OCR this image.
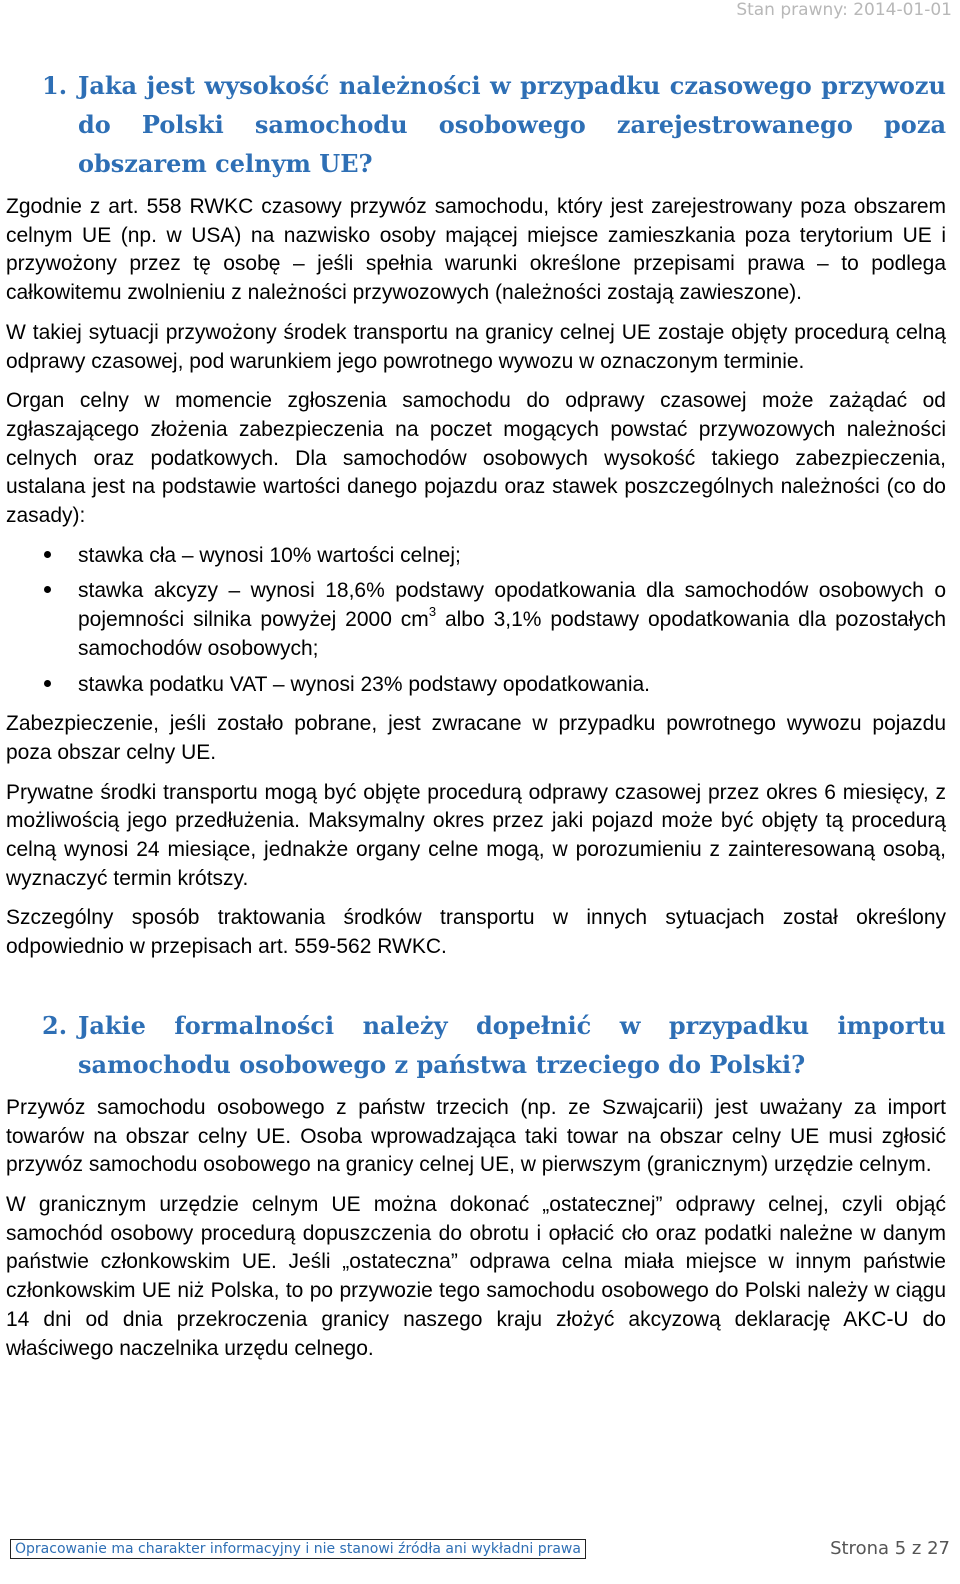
Stan prawny: 2014-01-01
1. Jaka jest wysokość należności w przypadku czasowego przywozu do Polski samochodu osobowego zarejestrowanego poza obszarem celnym UE?

Zgodnie z art. 558 RWKC czasowy przywóz samochodu, który jest zarejestrowany poza obszarem celnym UE (np. w USA) na nazwisko osoby mającej miejsce zamieszkania poza terytorium UE i przywożony przez tę osobę – jeśli spełnia warunki określone przepisami prawa – to podlega całkowitemu zwolnieniu z należności przywozowych (należności zostają zawieszone).

W takiej sytuacji przywożony środek transportu na granicy celnej UE zostaje objęty procedurą celną odprawy czasowej, pod warunkiem jego powrotnego wywozu w oznaczonym terminie.

Organ celny w momencie zgłoszenia samochodu do odprawy czasowej może zażądać od zgłaszającego złożenia zabezpieczenia na poczet mogących powstać przywozowych należności celnych oraz podatkowych. Dla samochodów osobowych wysokość takiego zabezpieczenia, ustalana jest na podstawie wartości danego pojazdu oraz stawek poszczególnych należności (co do zasady):

stawka cła – wynosi 10% wartości celnej;
stawka akcyzy – wynosi 18,6% podstawy opodatkowania dla samochodów osobowych o pojemności silnika powyżej 2000 $cm^3$ albo 3,1% podstawy opodatkowania dla pozostałych samochodów osobowych;
stawka podatku VAT – wynosi 23% podstawy opodatkowania.

Zabezpieczenie, jeśli zostało pobrane, jest zwracane w przypadku powrotnego wywozu pojazdu poza obszar celny UE.

Prywatne środki transportu mogą być objęte procedurą odprawy czasowej przez okres 6 miesięcy, z możliwością jego przedłużenia. Maksymalny okres przez jaki pojazd może być objęty tą procedurą celną wynosi 24 miesiące, jednakże organy celne mogą, w porozumieniu z zainteresowaną osobą, wyznaczyć termin krótszy.

Szczególny sposób traktowania środków transportu w innych sytuacjach został określony odpowiednio w przepisach art. 559-562 RWKC.

2. Jakie formalności należy dopełnić w przypadku importu samochodu osobowego z państwa trzeciego do Polski?

Przywóz samochodu osobowego z państw trzecich (np. ze Szwajcarii) jest uważany za import towarów na obszar celny UE. Osoba wprowadzająca taki towar na obszar celny UE musi zgłosić przywóz samochodu osobowego na granicy celnej UE, w pierwszym (granicznym) urzędzie celnym.

W granicznym urzędzie celnym UE można dokonać „ostatecznej” odprawy celnej, czyli objąć samochód osobowy procedurą dopuszczenia do obrotu i opłacić cło oraz podatki należne w danym państwie członkowskim UE. Jeśli „ostateczna” odprawa celna miała miejsce w innym państwie członkowskim UE niż Polska, to po przywozie tego samochodu osobowego do Polski należy w ciągu 14 dni od dnia przekroczenia granicy naszego kraju złożyć akcyzową deklarację AKC-U do właściwego naczelnika urzędu celnego.

Opracowanie ma charakter informacyjny i nie stanowi źródła ani wykładni prawa	Strona 5 z 27
